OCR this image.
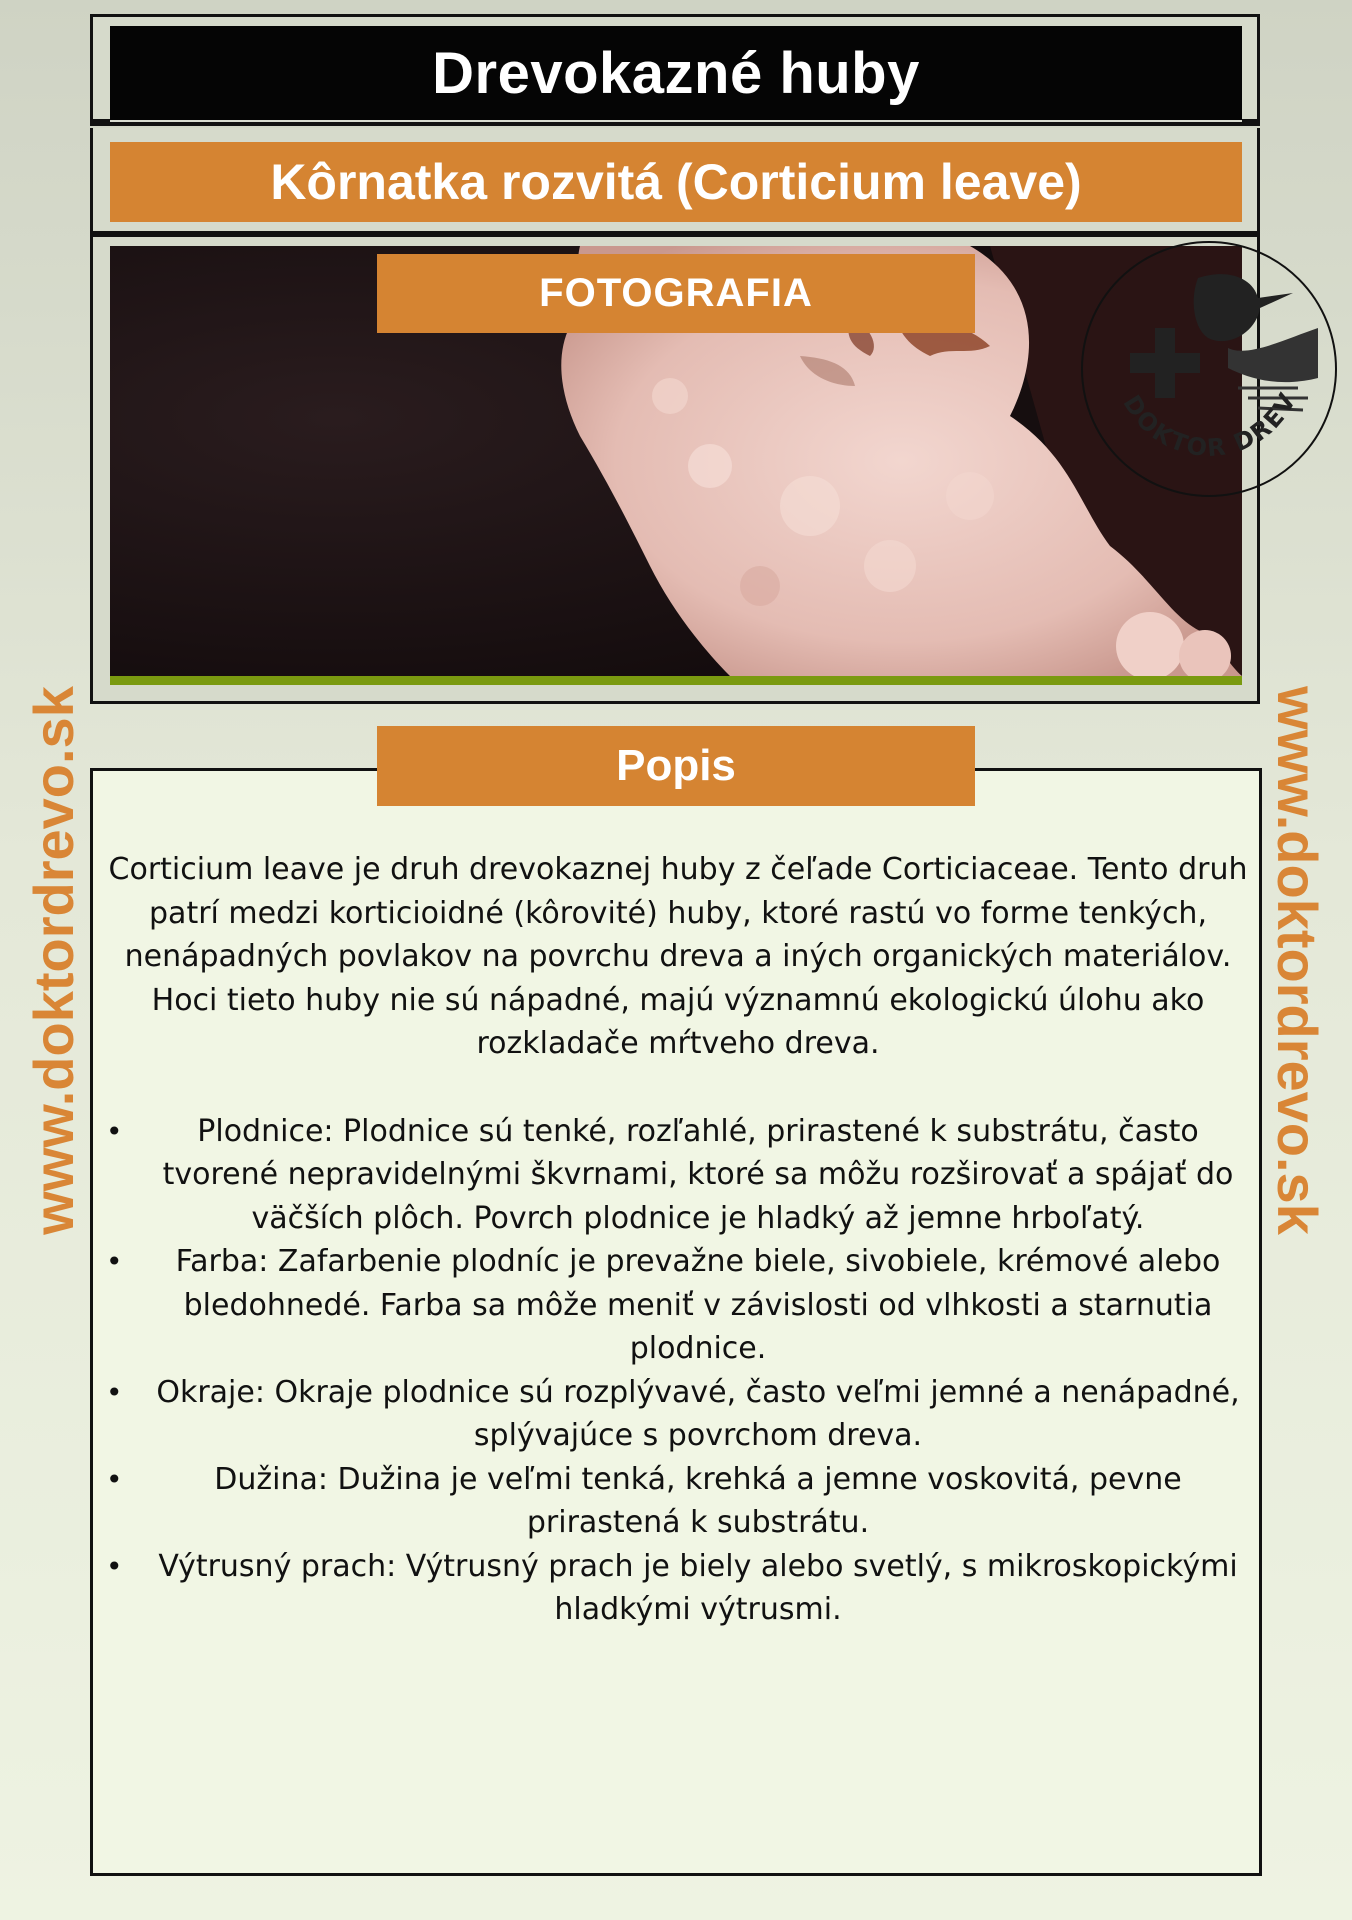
Drevokazné huby
Kôrnatka rozvitá (Corticium leave)
FOTOGRAFIA
DOKTOR DREV
www.doktordrevo.sk	www.doktordrevo.sk
Popis

Corticium leave je druh drevokaznej huby z čeľade Corticiaceae. Tento druh patrí medzi korticioidné (kôrovité) huby, ktoré rastú vo forme tenkých, nenápadných povlakov na povrchu dreva a iných organických materiálov. Hoci tieto huby nie sú nápadné, majú významnú ekologickú úlohu ako rozkladače mŕtveho dreva.

• Plodnice: Plodnice sú tenké, rozľahlé, prirastené k substrátu, často tvorené nepravidelnými škvrnami, ktoré sa môžu rozširovať a spájať do väčších plôch. Povrch plodnice je hladký až jemne hrboľatý.
• Farba: Zafarbenie plodníc je prevažne biele, sivobiele, krémové alebo bledohnedé. Farba sa môže meniť v závislosti od vlhkosti a starnutia plodnice.
• Okraje: Okraje plodnice sú rozplývavé, často veľmi jemné a nenápadné, splývajúce s povrchom dreva.
•	Dužina: Dužina je veľmi tenká, krehká a jemne voskovitá, pevne prirastená k substrátu.
• Výtrusný prach: Výtrusný prach je biely alebo svetlý, s mikroskopickými hladkými výtrusmi.
